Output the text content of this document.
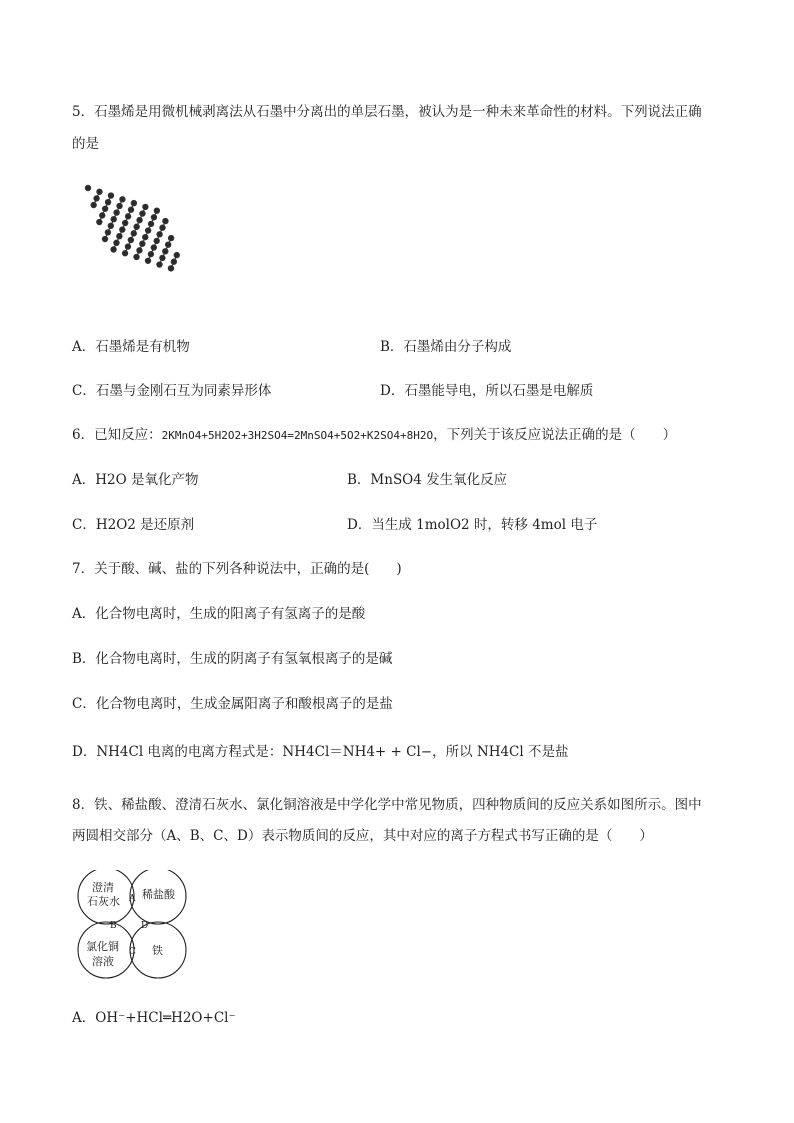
5．石墨烯是用微机械剥离法从石墨中分离出的单层石墨，被认为是一种未来革命性的材料。下列说法正确
的是
A．石墨烯是有机物	B．石墨烯由分子构成
C．石墨与金刚石互为同素异形体	D．石墨能导电，所以石墨是电解质
6．已知反应：2KMnO4+5H2O2+3H2SO4=2MnSO4+5O2+K2SO4+8H2O，下列关于该反应说法正确的是（　　）
A．H2O 是氧化产物	B．MnSO4 发生氧化反应
C．H2O2 是还原剂	D．当生成 1molO2 时，转移 4mol 电子
7．关于酸、碱、盐的下列各种说法中，正确的是(　　)
A．化合物电离时，生成的阳离子有氢离子的是酸
B．化合物电离时，生成的阴离子有氢氧根离子的是碱
C．化合物电离时，生成金属阳离子和酸根离子的是盐
D．NH4Cl 电离的电离方程式是：NH4Cl＝NH4+ + Cl−，所以 NH4Cl 不是盐
8．铁、稀盐酸、澄清石灰水、氯化铜溶液是中学化学中常见物质，四种物质间的反应关系如图所示。图中
两圆相交部分（A、B、C、D）表示物质间的反应，其中对应的离子方程式书写正确的是（　　）
澄清
石灰水
稀盐酸
氯化铜
溶液
铁
A
B
C
D
A．OH⁻+HCl═H2O+Cl⁻
